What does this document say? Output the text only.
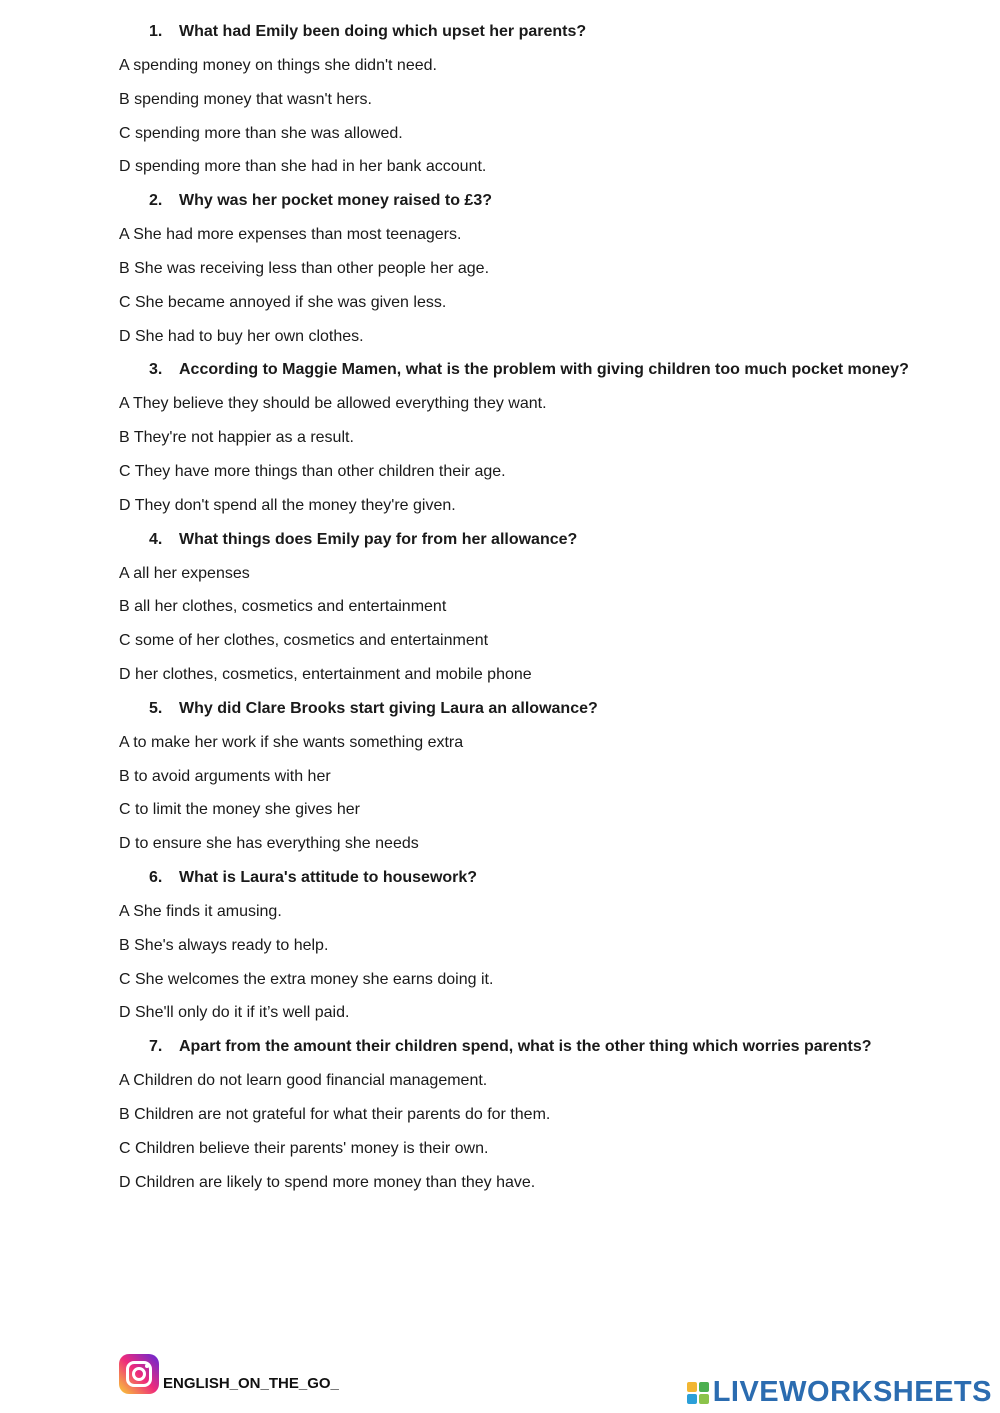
1.	What had Emily been doing which upset her parents?
A spending money on things she didn't need.
B spending money that wasn't hers.
C spending more than she was allowed.
D spending more than she had in her bank account.
2.	Why was her pocket money raised to £3?
A She had more expenses than most teenagers.
B She was receiving less than other people her age.
C She became annoyed if she was given less.
D She had to buy her own clothes.
3.	According to Maggie Mamen, what is the problem with giving children too much pocket money?
A They believe they should be allowed everything they want.
B They're not happier as a result.
C They have more things than other children their age.
D They don't spend all the money they're given.
4.	What things does Emily pay for from her allowance?
A all her expenses
B all her clothes, cosmetics and entertainment
C some of her clothes, cosmetics and entertainment
D her clothes, cosmetics, entertainment and mobile phone
5.	Why did Clare Brooks start giving Laura an allowance?
A to make her work if she wants something extra
B to avoid arguments with her
C to limit the money she gives her
D to ensure she has everything she needs
6.	What is Laura's attitude to housework?
A She finds it amusing.
B She's always ready to help.
C She welcomes the extra money she earns doing it.
D She'll only do it if it’s well paid.
7.	Apart from the amount their children spend, what is the other thing which worries parents?
A Children do not learn good financial management.
B Children are not grateful for what their parents do for them.
C Children believe their parents' money is their own.
D Children are likely to spend more money than they have.
ENGLISH_ON_THE_GO_	LIVEWORKSHEETS
